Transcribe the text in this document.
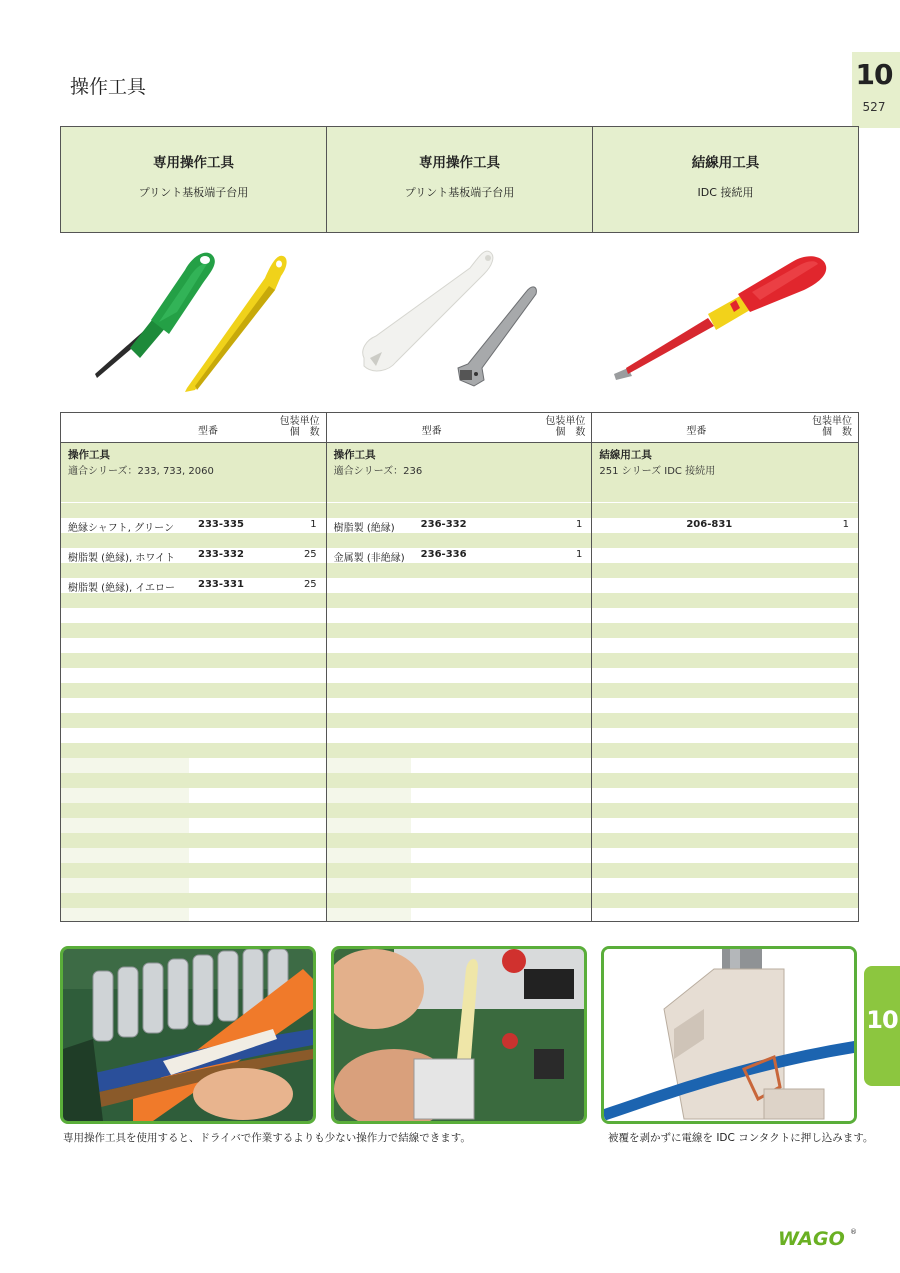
操作工具	10
527
10
専用操作工具
プリント基板端子台用
専用操作工具
プリント基板端子台用
結線用工具
IDC 接続用
型番
包装単位
個　数
操作工具
適合シリーズ：233, 733, 2060
絶縁シャフト, グリーン 233-335	1
樹脂製 (絶縁), ホワイト 233-332	25
樹脂製 (絶縁), イエロー 233-331	25
型番
包装単位
個　数
操作工具
適合シリーズ：236
樹脂製 (絶縁)	236-332	1
金属製 (非絶縁) 236-336	1
型番
包装単位
個　数
結線用工具
251 シリーズ IDC 接続用
206-831	1
専用操作工具を使用すると、ドライバで作業するよりも少ない操作力で結線できます。	被覆を剥かずに電線を IDC コンタクトに押し込みます。
WAGO ®
